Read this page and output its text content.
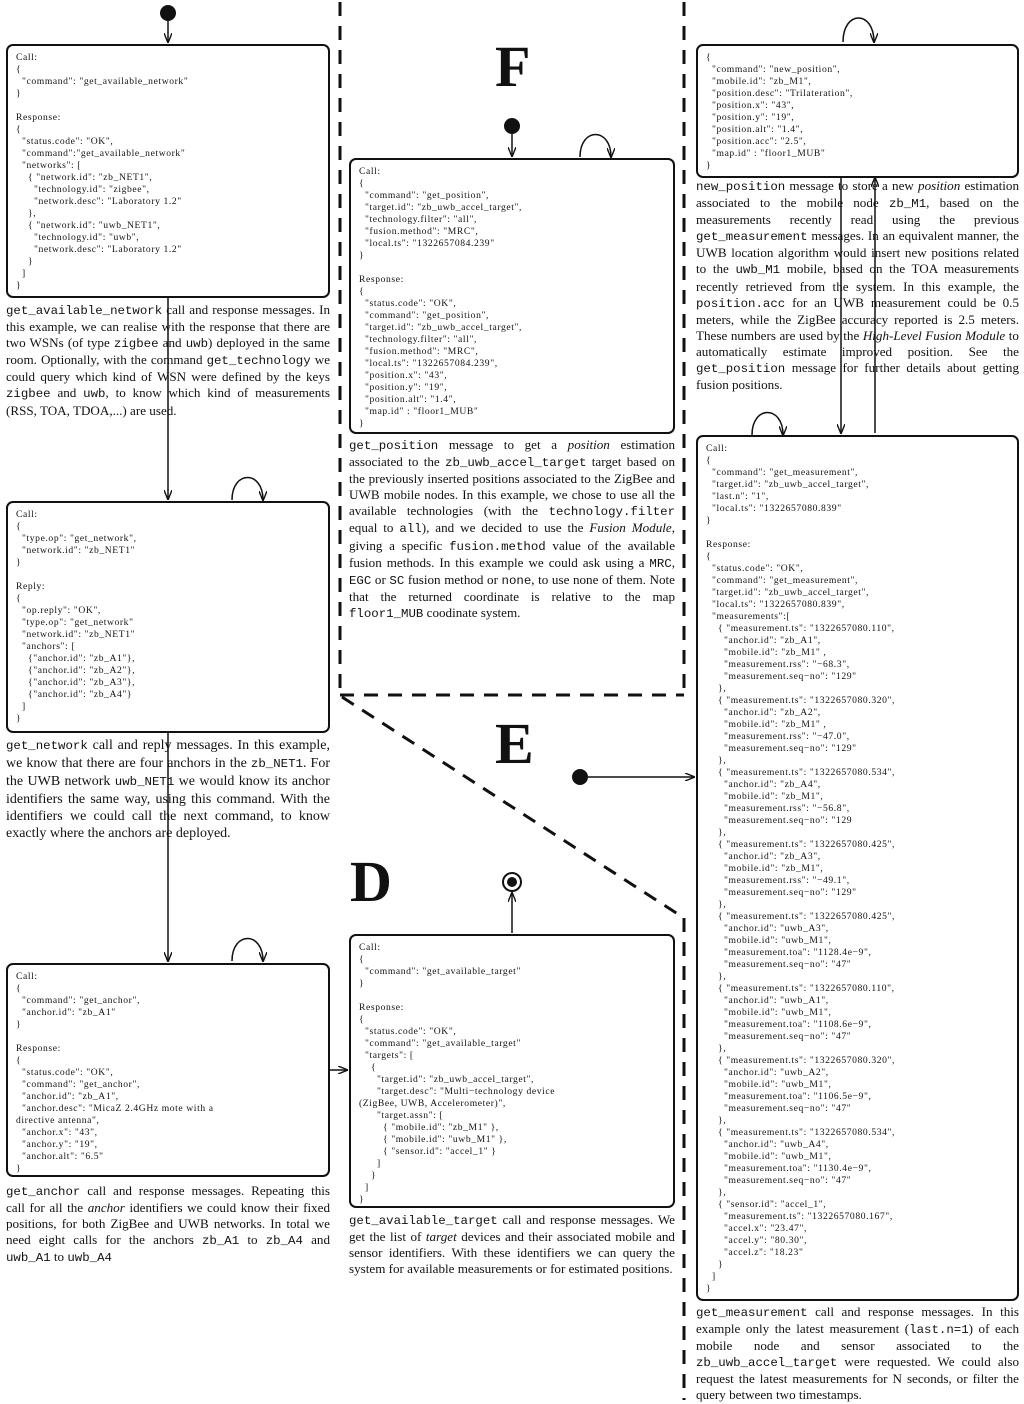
F
E
D
Call:
{
"command": "get_available_network"
}

Response:
{
"status.code": "OK",
"command":"get_available_network"
"networks": [
{ "network.id": "zb_NET1",
"technology.id": "zigbee",
"network.desc": "Laboratory 1.2"
},
{ "network.id": "uwb_NET1",
"technology.id": "uwb",
"network.desc": "Laboratory 1.2"
}
]
}

get_available_network call and response messages. In this example, we can realise with the response that there are two WSNs (of type zigbee and uwb) deployed in the same room. Optionally, with the command get_technology we could query which kind of WSN were defined by the keys zigbee and uwb, to know which kind of measurements (RSS, TOA, TDOA,...) are used.

Call:
{
"type.op": "get_network",
"network.id": "zb_NET1"
}

Reply:
{
"op.reply": "OK",
"type.op": "get_network"
"network.id": "zb_NET1"
"anchors": [
{"anchor.id": "zb_A1"},
{"anchor.id": "zb_A2"},
{"anchor.id": "zb_A3"},
{"anchor.id": "zb_A4"}
]
}

get_network call and reply messages. In this example, we know that there are four anchors in the zb_NET1. For the UWB network uwb_NET1 we would know its anchor identifiers the same way, using this command. With the identifiers we could call the next command, to know exactly where the anchors are deployed.

Call:
{
"command": "get_anchor",
"anchor.id": "zb_A1"
}

Response:
{
"status.code": "OK",
"command": "get_anchor",
"anchor.id": "zb_A1",
"anchor.desc": "MicaZ 2.4GHz mote with a
directive antenna",
"anchor.x": "43",
"anchor.y": "19",
"anchor.alt": "6.5"
}

get_anchor call and response messages. Repeating this call for all the anchor identifiers we could know their fixed positions, for both ZigBee and UWB networks. In total we need eight calls for the anchors zb_A1 to zb_A4 and uwb_A1 to uwb_A4

Call:
{
"command": "get_position",
"target.id": "zb_uwb_accel_target",
"technology.filter": "all",
"fusion.method": "MRC",
"local.ts": "1322657084.239"
}

Response:
{
"status.code": "OK",
"command": "get_position",
"target.id": "zb_uwb_accel_target",
"technology.filter": "all",
"fusion.method": "MRC",
"local.ts": "1322657084.239",
"position.x": "43",
"position.y": "19",
"position.alt": "1.4",
"map.id" : "floor1_MUB"
}

get_position message to get a position estimation associated to the zb_uwb_accel_target target based on the previously inserted positions associated to the ZigBee and UWB mobile nodes. In this example, we chose to use all the available technologies (with the technology.filter equal to all), and we decided to use the Fusion Module, giving a specific fusion.method value of the available fusion methods. In this example we could ask using a MRC, EGC or SC fusion method or none, to use none of them. Note that the returned coordinate is relative to the map floor1_MUB coodinate system.

Call:
{
"command": "get_available_target"
}

Response:
{
"status.code": "OK",
"command": "get_available_target"
"targets": [
{
"target.id": "zb_uwb_accel_target",
"target.desc": "Multi−technology device
(ZigBee, UWB, Accelerometer)",
"target.assn": [
{ "mobile.id": "zb_M1" },
{ "mobile.id": "uwb_M1" },
{ "sensor.id": "accel_1" }
]
}
]
}

get_available_target call and response messages. We get the list of target devices and their associated mobile and sensor identifiers. With these identifiers we can query the system for available measurements or for estimated positions.

{
"command": "new_position",
"mobile.id": "zb_M1",
"position.desc": "Trilateration",
"position.x": "43",
"position.y": "19",
"position.alt": "1.4",
"position.acc": "2.5",
"map.id" : "floor1_MUB"
}

new_position message to store a new position estimation associated to the mobile node zb_M1, based on the measurements recently read using the previous get_measurement messages. In an equivalent manner, the UWB location algorithm would insert new positions related to the uwb_M1 mobile, based on the TOA measurements recently retrieved from the system. In this example, the position.acc for an UWB measurement could be 0.5 meters, while the ZigBee accuracy reported is 2.5 meters. These numbers are used by the High-Level Fusion Module to automatically estimate improved position. See the get_position message for further details about getting fusion positions.

Call:
{
"command": "get_measurement",
"target.id": "zb_uwb_accel_target",
"last.n": "1",
"local.ts": "1322657080.839"
}

Response:
{
"status.code": "OK",
"command": "get_measurement",
"target.id": "zb_uwb_accel_target",
"local.ts": "1322657080.839",
"measurements":[
{ "measurement.ts": "1322657080.110",
"anchor.id": "zb_A1",
"mobile.id": "zb_M1" ,
"measurement.rss": "−68.3",
"measurement.seq−no": "129"
},
{ "measurement.ts": "1322657080.320",
"anchor.id": "zb_A2",
"mobile.id": "zb_M1" ,
"measurement.rss": "−47.0",
"measurement.seq−no": "129"
},
{ "measurement.ts": "1322657080.534",
"anchor.id": "zb_A4",
"mobile.id": "zb_M1",
"measurement.rss": "−56.8",
"measurement.seq−no": "129
},
{ "measurement.ts": "1322657080.425",
"anchor.id": "zb_A3",
"mobile.id": "zb_M1",
"measurement.rss": "−49.1",
"measurement.seq−no": "129"
},
{ "measurement.ts": "1322657080.425",
"anchor.id": "uwb_A3",
"mobile.id": "uwb_M1",
"measurement.toa": "1128.4e−9",
"measurement.seq−no": "47"
},
{ "measurement.ts": "1322657080.110",
"anchor.id": "uwb_A1",
"mobile.id": "uwb_M1",
"measurement.toa": "1108.6e−9",
"measurement.seq−no": "47"
},
{ "measurement.ts": "1322657080.320",
"anchor.id": "uwb_A2",
"mobile.id": "uwb_M1",
"measurement.toa": "1106.5e−9",
"measurement.seq−no": "47"
},
{ "measurement.ts": "1322657080.534",
"anchor.id": "uwb_A4",
"mobile.id": "uwb_M1",
"measurement.toa": "1130.4e−9",
"measurement.seq−no": "47"
},
{ "sensor.id": "accel_1",
"measurement.ts": "1322657080.167",
"accel.x": "23.47",
"accel.y": "80.30",
"accel.z": "18.23"
}
]
}

get_measurement call and response messages. In this example only the latest measurement (last.n=1) of each mobile node and sensor associated to the zb_uwb_accel_target were requested. We could also request the latest measurements for N seconds, or filter the query between two timestamps.
